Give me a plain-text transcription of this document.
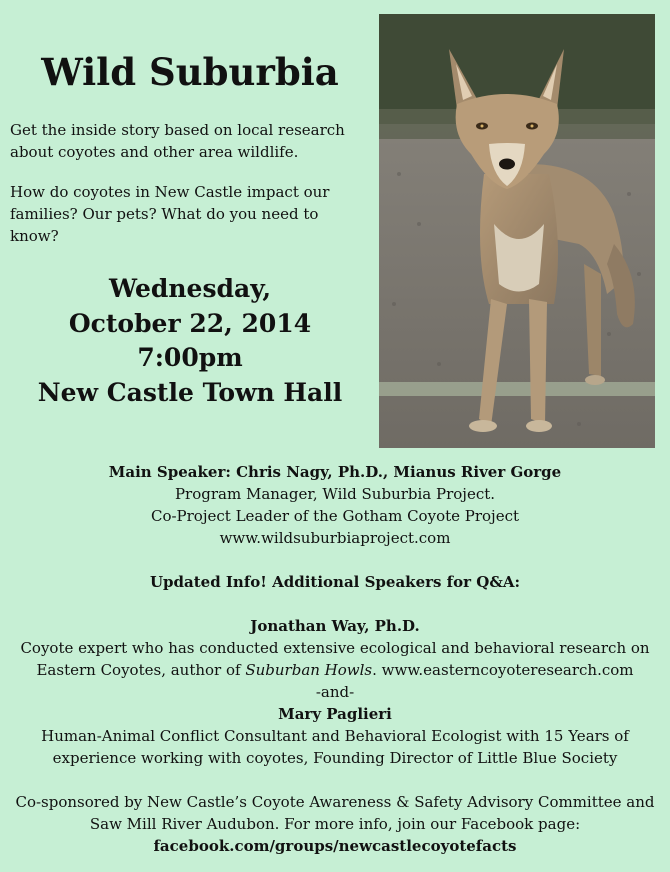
Wild Suburbia

Get the inside story based on local research about coyotes and other area wildlife.

How do coyotes in New Castle impact our families? Our pets? What do you need to know?

Wednesday,
October 22, 2014
7:00pm
New Castle Town Hall

Main Speaker: Chris Nagy, Ph.D., Mianus River Gorge

Program Manager, Wild Suburbia Project.

Co-Project Leader of the Gotham Coyote Project

www.wildsuburbiaproject.com

Updated Info! Additional Speakers for Q&A:

Jonathan Way, Ph.D.

Coyote expert who has conducted extensive ecological and behavioral research on Eastern Coyotes, author of Suburban Howls. www.easterncoyoteresearch.com

-and-

Mary Paglieri

Human-Animal Conflict Consultant and Behavioral Ecologist with 15 Years of experience working with coyotes, Founding Director of Little Blue Society

Co-sponsored by New Castle’s Coyote Awareness & Safety Advisory Committee and Saw Mill River Audubon. For more info, join our Facebook page:

facebook.com/groups/newcastlecoyotefacts
